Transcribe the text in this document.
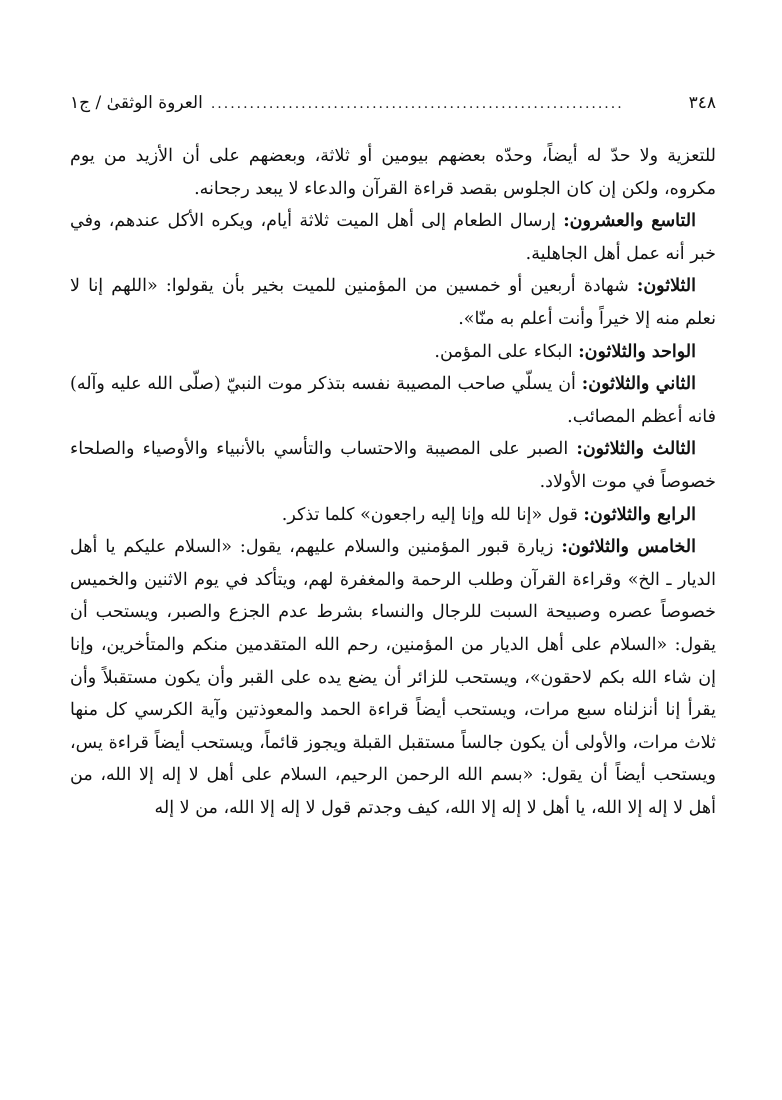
٣٤٨
................................................................
العروة الوثقىٰ / ج١

للتعزية ولا حدّ له أيضاً، وحدّه بعضهم بيومين أو ثلاثة، وبعضهم على أن الأزيد من يوم مكروه، ولكن إن كان الجلوس بقصد قراءة القرآن والدعاء لا يبعد رجحانه.

التاسع والعشرون: إرسال الطعام إلى أهل الميت ثلاثة أيام، ويكره الأكل عندهم، وفي خبر أنه عمل أهل الجاهلية.

الثلاثون: شهادة أربعين أو خمسين من المؤمنين للميت بخير بأن يقولوا: «اللهم إنا لا نعلم منه إلا خيراً وأنت أعلم به منّا».

الواحد والثلاثون: البكاء على المؤمن.

الثاني والثلاثون: أن يسلّي صاحب المصيبة نفسه بتذكر موت النبيّ (صلّى الله عليه وآله) فانه أعظم المصائب.

الثالث والثلاثون: الصبر على المصيبة والاحتساب والتأسي بالأنبياء والأوصياء والصلحاء خصوصاً في موت الأولاد.

الرابع والثلاثون: قول «إنا لله وإنا إليه راجعون» كلما تذكر.

الخامس والثلاثون: زيارة قبور المؤمنين والسلام عليهم، يقول: «السلام عليكم يا أهل الديار ـ الخ» وقراءة القرآن وطلب الرحمة والمغفرة لهم، ويتأكد في يوم الاثنين والخميس خصوصاً عصره وصبيحة السبت للرجال والنساء بشرط عدم الجزع والصبر، ويستحب أن يقول: «السلام على أهل الديار من المؤمنين، رحم الله المتقدمين منكم والمتأخرين، وإنا إن شاء الله بكم لاحقون»، ويستحب للزائر أن يضع يده على القبر وأن يكون مستقبلاً وأن يقرأ إنا أنزلناه سبع مرات، ويستحب أيضاً قراءة الحمد والمعوذتين وآية الكرسي كل منها ثلاث مرات، والأولى أن يكون جالساً مستقبل القبلة ويجوز قائماً، ويستحب أيضاً قراءة يس، ويستحب أيضاً أن يقول: «بسم الله الرحمن الرحيم، السلام على أهل لا إله إلا الله، من أهل لا إله إلا الله، يا أهل لا إله إلا الله، كيف وجدتم قول لا إله إلا الله، من لا إله
